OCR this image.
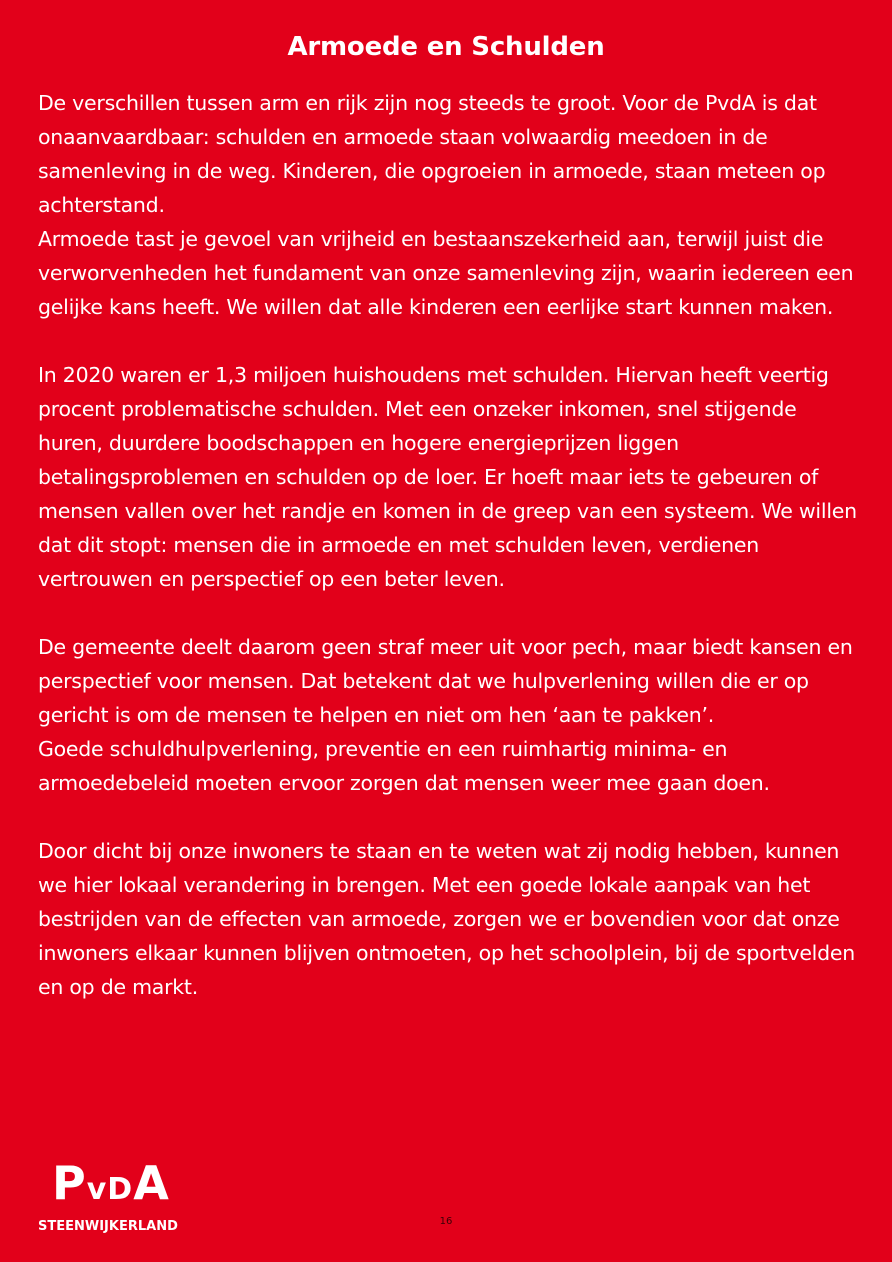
Armoede en Schulden

De verschillen tussen arm en rijk zijn nog steeds te groot. Voor de PvdA is dat onaanvaardbaar: schulden en armoede staan volwaardig meedoen in de samenleving in de weg. Kinderen, die opgroeien in armoede, staan meteen op achterstand.

Armoede tast je gevoel van vrijheid en bestaanszekerheid aan, terwijl juist die verworvenheden het fundament van onze samenleving zijn, waarin iedereen een gelijke kans heeft. We willen dat alle kinderen een eerlijke start kunnen maken.

In 2020 waren er 1,3 miljoen huishoudens met schulden. Hiervan heeft veertig procent problematische schulden. Met een onzeker inkomen, snel stijgende huren, duurdere boodschappen en hogere energieprijzen liggen betalingsproblemen en schulden op de loer. Er hoeft maar iets te gebeuren of mensen vallen over het randje en komen in de greep van een systeem. We willen dat dit stopt: mensen die in armoede en met schulden leven, verdienen vertrouwen en perspectief op een beter leven.

De gemeente deelt daarom geen straf meer uit voor pech, maar biedt kansen en perspectief voor mensen. Dat betekent dat we hulpverlening willen die er op gericht is om de mensen te helpen en niet om hen ‘aan te pakken’.

Goede schuldhulpverlening, preventie en een ruimhartig minima- en armoedebeleid moeten ervoor zorgen dat mensen weer mee gaan doen.

Door dicht bij onze inwoners te staan en te weten wat zij nodig hebben, kunnen we hier lokaal verandering in brengen. Met een goede lokale aanpak van het bestrijden van de effecten van armoede, zorgen we er bovendien voor dat onze inwoners elkaar kunnen blijven ontmoeten, op het schoolplein, bij de sportvelden en op de markt.

PvDA
STEENWIJKERLAND	16
